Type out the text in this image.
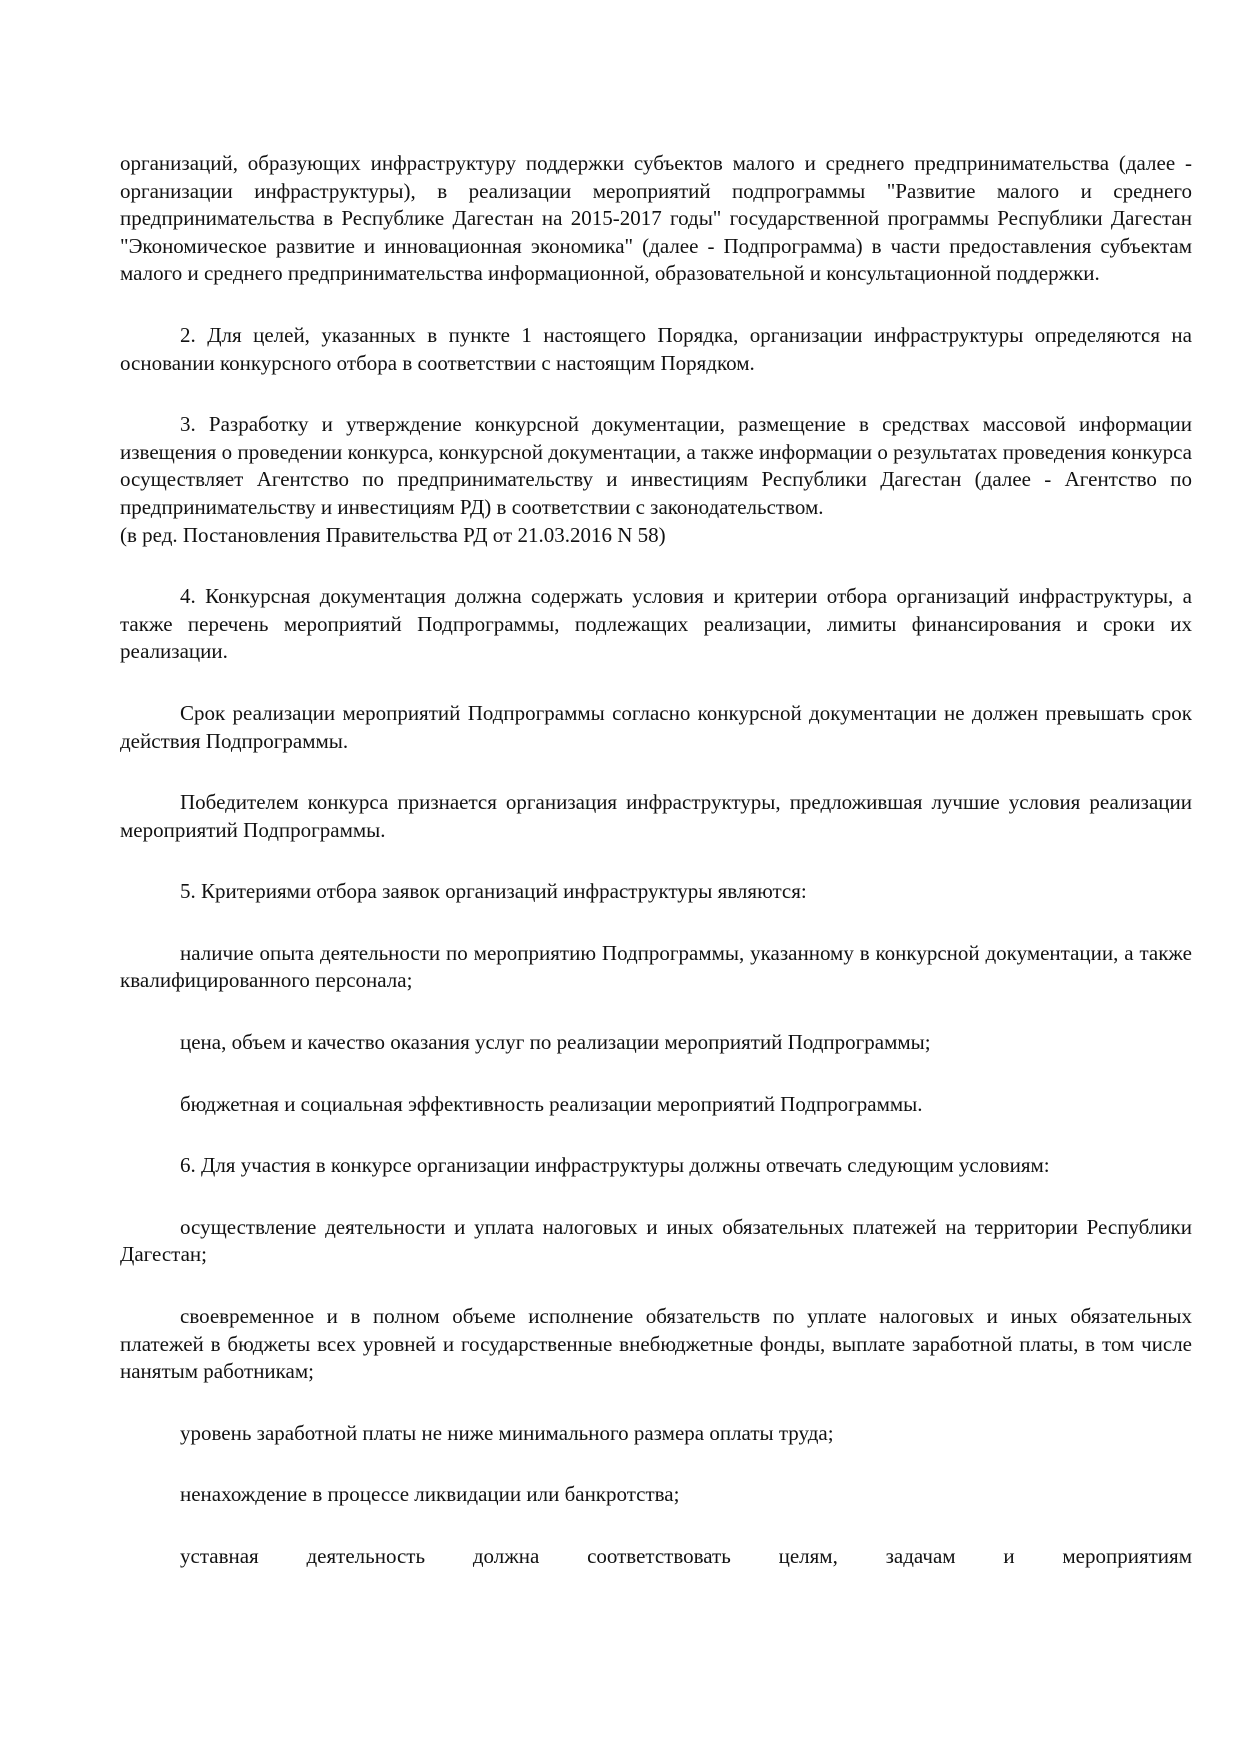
организаций, образующих инфраструктуру поддержки субъектов малого и среднего предпринимательства (далее - организации инфраструктуры), в реализации мероприятий подпрограммы "Развитие малого и среднего предпринимательства в Республике Дагестан на 2015-2017 годы" государственной программы Республики Дагестан "Экономическое развитие и инновационная экономика" (далее - Подпрограмма) в части предоставления субъектам малого и среднего предпринимательства информационной, образовательной и консультационной поддержки.

2. Для целей, указанных в пункте 1 настоящего Порядка, организации инфраструктуры определяются на основании конкурсного отбора в соответствии с настоящим Порядком.

3. Разработку и утверждение конкурсной документации, размещение в средствах массовой информации извещения о проведении конкурса, конкурсной документации, а также информации о результатах проведения конкурса осуществляет Агентство по предпринимательству и инвестициям Республики Дагестан (далее - Агентство по предпринимательству и инвестициям РД) в соответствии с законодательством.

(в ред. Постановления Правительства РД от 21.03.2016 N 58)

4. Конкурсная документация должна содержать условия и критерии отбора организаций инфраструктуры, а также перечень мероприятий Подпрограммы, подлежащих реализации, лимиты финансирования и сроки их реализации.

Срок реализации мероприятий Подпрограммы согласно конкурсной документации не должен превышать срок действия Подпрограммы.

Победителем конкурса признается организация инфраструктуры, предложившая лучшие условия реализации мероприятий Подпрограммы.

5. Критериями отбора заявок организаций инфраструктуры являются:

наличие опыта деятельности по мероприятию Подпрограммы, указанному в конкурсной документации, а также квалифицированного персонала;

цена, объем и качество оказания услуг по реализации мероприятий Подпрограммы;

бюджетная и социальная эффективность реализации мероприятий Подпрограммы.

6. Для участия в конкурсе организации инфраструктуры должны отвечать следующим условиям:

осуществление деятельности и уплата налоговых и иных обязательных платежей на территории Республики Дагестан;

своевременное и в полном объеме исполнение обязательств по уплате налоговых и иных обязательных платежей в бюджеты всех уровней и государственные внебюджетные фонды, выплате заработной платы, в том числе нанятым работникам;

уровень заработной платы не ниже минимального размера оплаты труда;

ненахождение в процессе ликвидации или банкротства;

уставная деятельность должна соответствовать целям, задачам и мероприятиям
